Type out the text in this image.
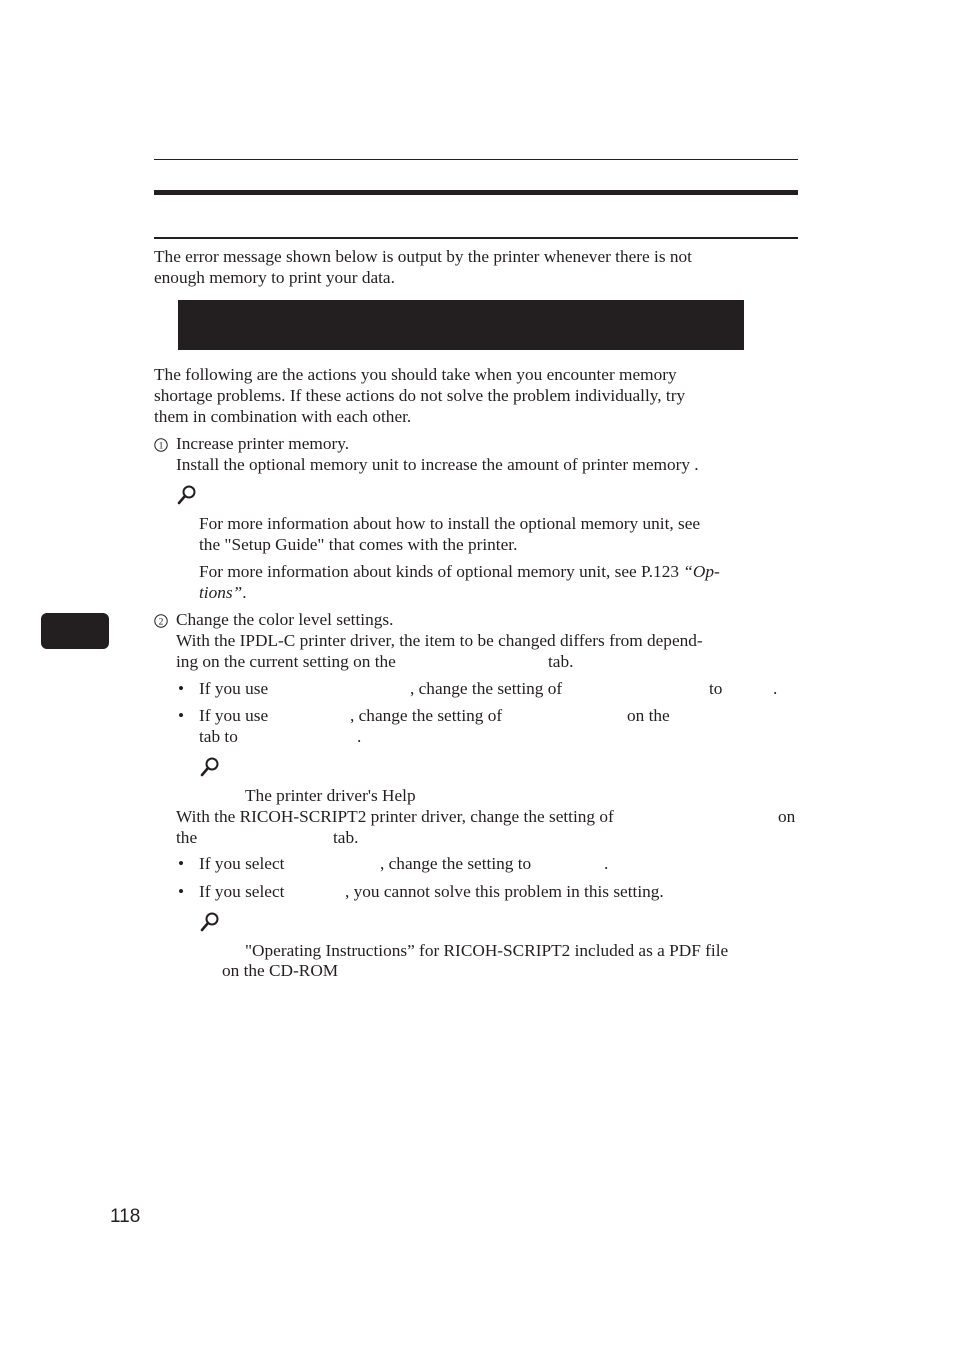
The error message shown below is output by the printer whenever there is not
enough memory to print your data.
The following are the actions you should take when you encounter memory
shortage problems. If these actions do not solve the problem individually, try
them in combination with each other.
1 Increase printer memory.
Install the optional memory unit to increase the amount of printer memory .
For more information about how to install the optional memory unit, see
the "Setup Guide" that comes with the printer.
For more information about kinds of optional memory unit, see P.123 “Op-
tions”.
2 Change the color level settings.
With the IPDL-C printer driver, the item to be changed differs from depend-
ing on the current setting on the	tab.
• If you use	, change the setting of	to	.
• If you use	, change the setting of	on the
tab to	.
The printer driver's Help
With the RICOH-SCRIPT2 printer driver, change the setting of	on
the	tab.
• If you select	, change the setting to	.
• If you select	, you cannot solve this problem in this setting.
"Operating Instructions” for RICOH-SCRIPT2 included as a PDF file
on the CD-ROM
118
